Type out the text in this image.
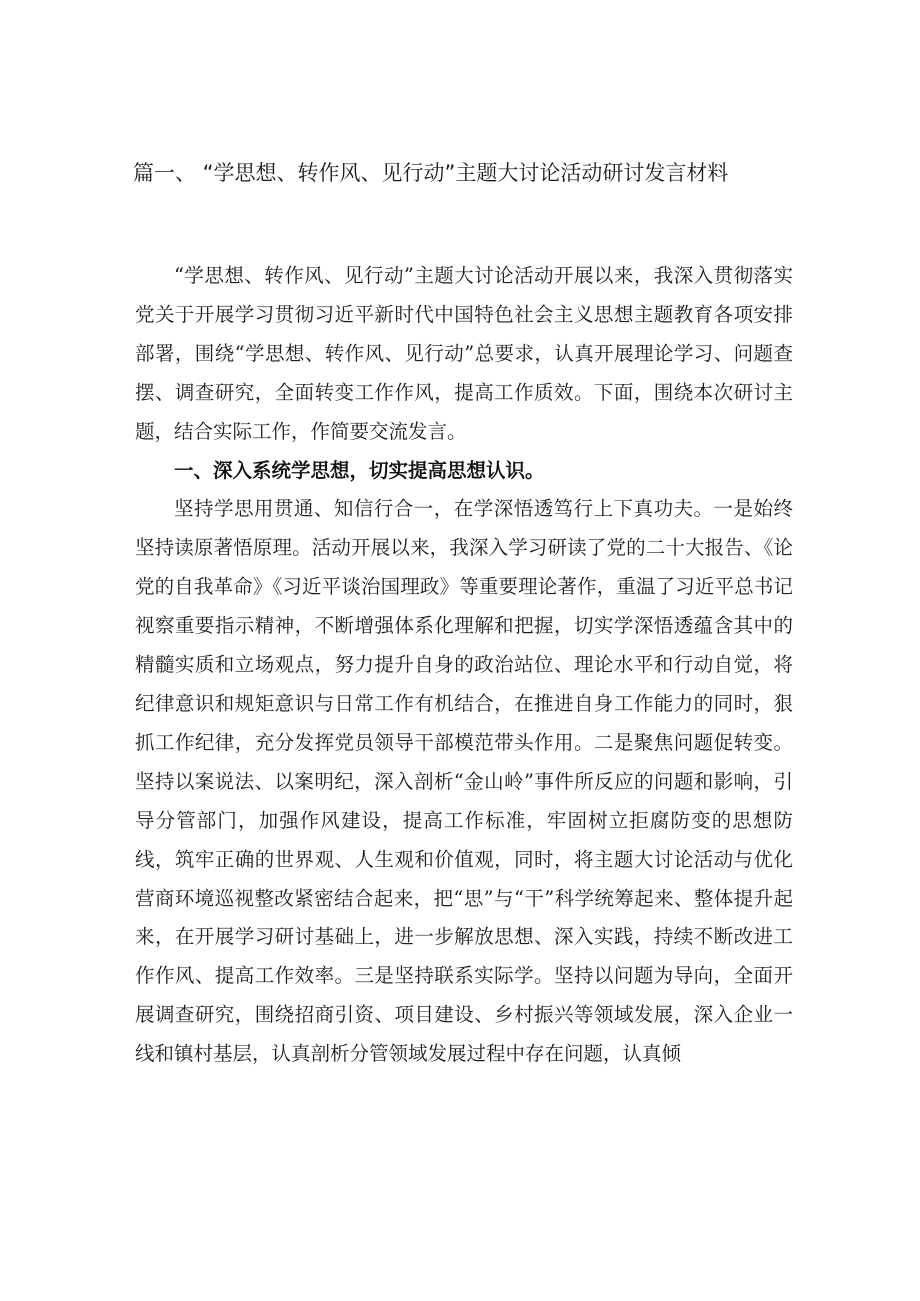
篇一、 “学思想、转作风、见行动”主题大讨论活动研讨发言材料

“学思想、转作风、见行动”主题大讨论活动开展以来，我深入贯彻落实党关于开展学习贯彻习近平新时代中国特色社会主义思想主题教育各项安排部署，围绕“学思想、转作风、见行动”总要求，认真开展理论学习、问题查摆、调查研究，全面转变工作作风，提高工作质效。下面，围绕本次研讨主题，结合实际工作，作简要交流发言。

一、深入系统学思想，切实提高思想认识。

坚持学思用贯通、知信行合一，在学深悟透笃行上下真功夫。一是始终坚持读原著悟原理。活动开展以来，我深入学习研读了党的二十大报告、《论党的自我革命》《习近平谈治国理政》等重要理论著作，重温了习近平总书记视察重要指示精神，不断增强体系化理解和把握，切实学深悟透蕴含其中的精髓实质和立场观点，努力提升自身的政治站位、理论水平和行动自觉，将纪律意识和规矩意识与日常工作有机结合，在推进自身工作能力的同时，狠抓工作纪律，充分发挥党员领导干部模范带头作用。二是聚焦问题促转变。坚持以案说法、以案明纪，深入剖析“金山岭”事件所反应的问题和影响，引导分管部门，加强作风建设，提高工作标准，牢固树立拒腐防变的思想防线，筑牢正确的世界观、人生观和价值观，同时，将主题大讨论活动与优化营商环境巡视整改紧密结合起来，把“思”与“干”科学统筹起来、整体提升起来，在开展学习研讨基础上，进一步解放思想、深入实践，持续不断改进工作作风、提高工作效率。三是坚持联系实际学。坚持以问题为导向，全面开展调查研究，围绕招商引资、项目建设、乡村振兴等领域发展，深入企业一线和镇村基层，认真剖析分管领域发展过程中存在问题，认真倾
